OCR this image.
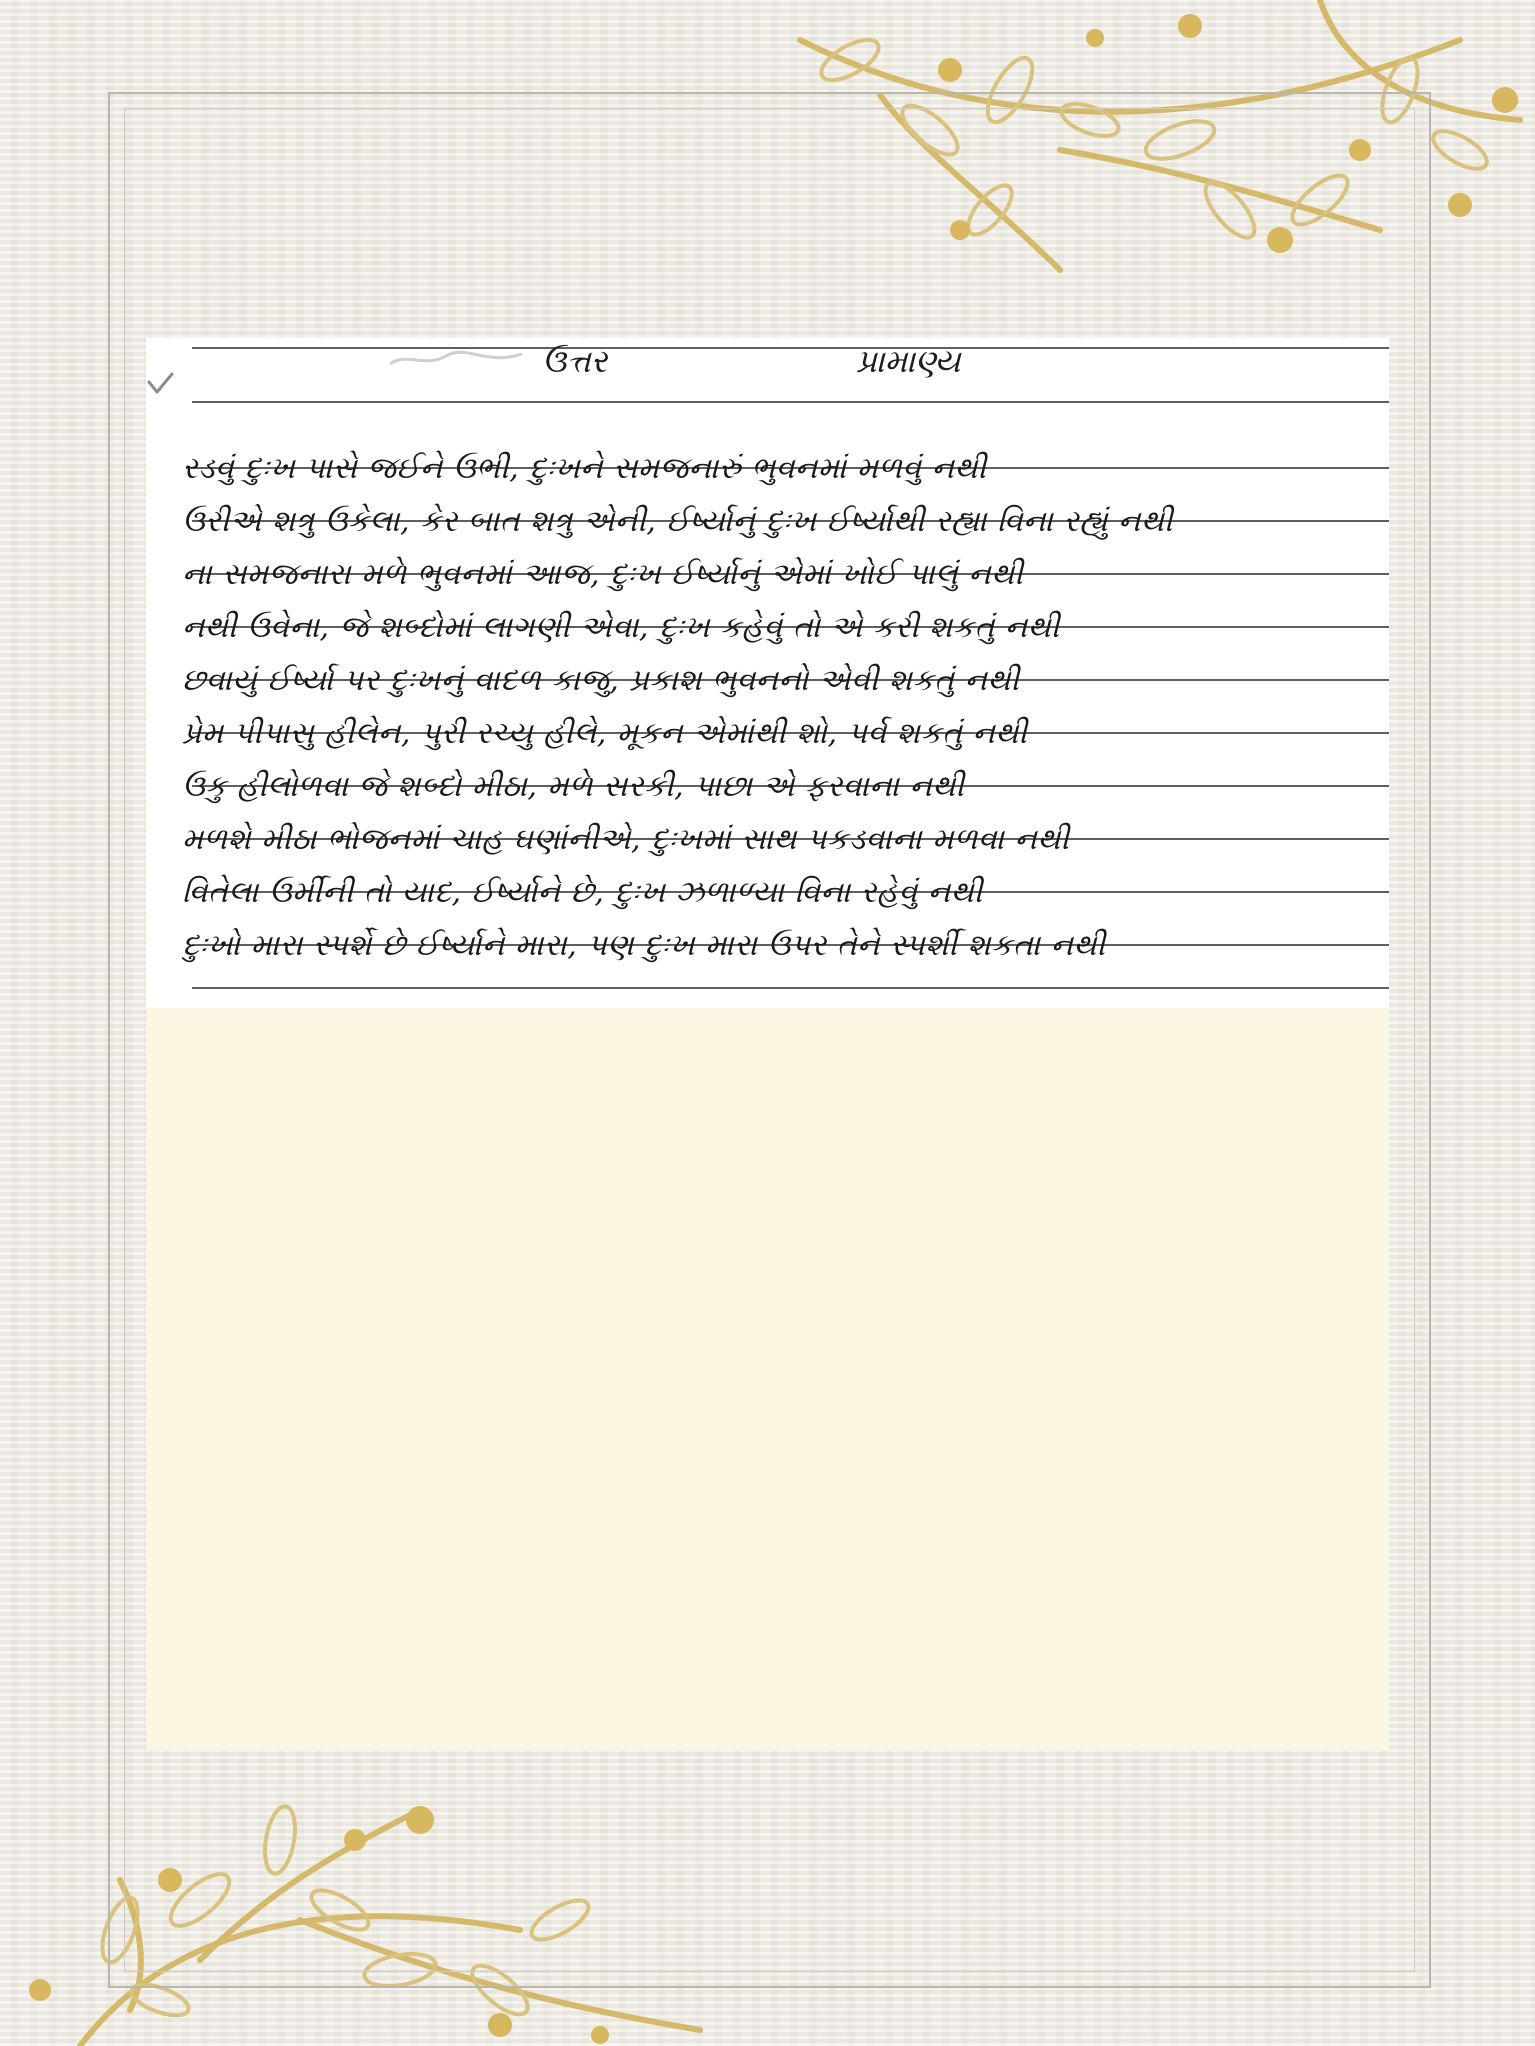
ઉત્તર	પ્રામાણ્ય
રડવું દુઃખ પાસે જઈને ઉભી, દુઃખને સમજનારું ભુવનમાં મળવું નથી
ઉરીએ શત્રુ ઉકેલા, કેર બાત શત્રુ એની, ઈર્ષ્યાનું દુઃખ ઈર્ષ્યાથી રહ્યા વિના રહ્યું નથી
ના સમજનારા મળે ભુવનમાં આજ, દુઃખ ઈર્ષ્યાનું એમાં ખોઈ પાલું નથી
નથી ઉવેના, જે શબ્દોમાં લાગણી એવા, દુઃખ કહેવું તો એ કરી શકતું નથી
છવાયું ઈર્ષ્યા પર દુઃખનું વાદળ કાજુ, પ્રકાશ ભુવનનો એવી શકતું નથી
પ્રેમ પીપાસુ હીલેન, પુરી રચ્યુ હીલે, મૂકન એમાંથી શો, પર્વ શકતું નથી
ઉકુ હીલોળવા જે શબ્દો મીઠા, મળે સરકી, પાછા એ ફરવાના નથી
મળશે મીઠા ભોજનમાં ચાહ ઘણાંનીએ, દુઃખમાં સાથ પકડવાના મળવા નથી
વિતેલા ઉર્મીની તો યાદ, ઈર્ષ્યાને છે, દુઃખ ઝળાળ્યા વિના રહેવું નથી
દુઃખો મારા સ્પર્શે છે ઈર્ષ્યાને મારા, પણ દુઃખ મારા ઉપર તેને સ્પર્શી શકતા નથી
